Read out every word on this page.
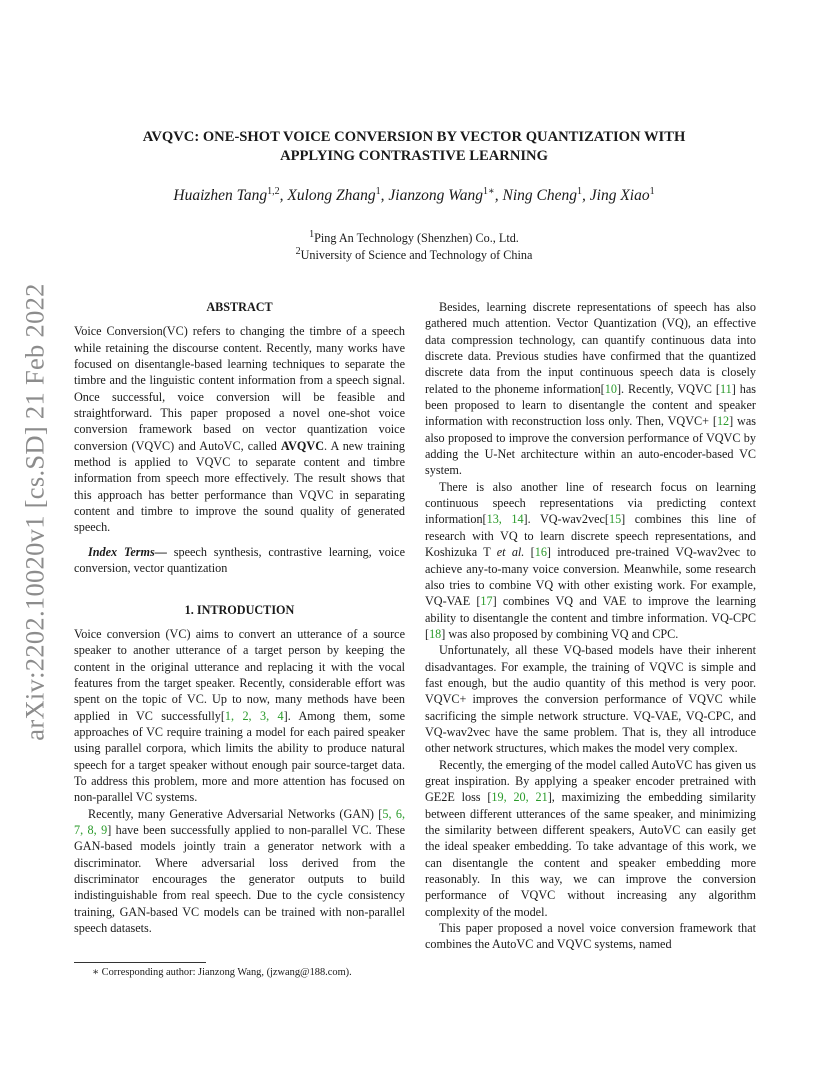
arXiv:2202.10020v1 [cs.SD] 21 Feb 2022
AVQVC: ONE-SHOT VOICE CONVERSION BY VECTOR QUANTIZATION WITH
APPLYING CONTRASTIVE LEARNING

Huaizhen Tang$^{1,2}$, Xulong Zhang$^1$, Jianzong Wang$^{1∗}$, Ning Cheng$^1$, Jing Xiao$^1$

$^1$Ping An Technology (Shenzhen) Co., Ltd.

$^2$University of Science and Technology of China

ABSTRACT

Voice Conversion(VC) refers to changing the timbre of a speech while retaining the discourse content. Recently, many works have focused on disentangle-based learning techniques to separate the timbre and the linguistic content information from a speech signal. Once successful, voice conversion will be feasible and straightforward. This paper proposed a novel one-shot voice conversion framework based on vector quantization voice conversion (VQVC) and AutoVC, called AVQVC. A new training method is applied to VQVC to separate content and timbre information from speech more effectively. The result shows that this approach has better performance than VQVC in separating content and timbre to improve the sound quality of generated speech.

Index Terms— speech synthesis, contrastive learning, voice conversion, vector quantization

1. INTRODUCTION

Voice conversion (VC) aims to convert an utterance of a source speaker to another utterance of a target person by keeping the content in the original utterance and replacing it with the vocal features from the target speaker. Recently, considerable effort was spent on the topic of VC. Up to now, many methods have been applied in VC successfully[1, 2, 3, 4]. Among them, some approaches of VC require training a model for each paired speaker using parallel corpora, which limits the ability to produce natural speech for a target speaker without enough pair source-target data. To address this problem, more and more attention has focused on non-parallel VC systems.

Recently, many Generative Adversarial Networks (GAN) [5, 6, 7, 8, 9] have been successfully applied to non-parallel VC. These GAN-based models jointly train a generator network with a discriminator. Where adversarial loss derived from the discriminator encourages the generator outputs to build indistinguishable from real speech. Due to the cycle consistency training, GAN-based VC models can be trained with non-parallel speech datasets.

∗ Corresponding author: Jianzong Wang, (jzwang@188.com).

Besides, learning discrete representations of speech has also gathered much attention. Vector Quantization (VQ), an effective data compression technology, can quantify continuous data into discrete data. Previous studies have confirmed that the quantized discrete data from the input continuous speech data is closely related to the phoneme information[10]. Recently, VQVC [11] has been proposed to learn to disentangle the content and speaker information with reconstruction loss only. Then, VQVC+ [12] was also proposed to improve the conversion performance of VQVC by adding the U-Net architecture within an auto-encoder-based VC system.

There is also another line of research focus on learning continuous speech representations via predicting context information[13, 14]. VQ-wav2vec[15] combines this line of research with VQ to learn discrete speech representations, and Koshizuka T et al. [16] introduced pre-trained VQ-wav2vec to achieve any-to-many voice conversion. Meanwhile, some research also tries to combine VQ with other existing work. For example, VQ-VAE [17] combines VQ and VAE to improve the learning ability to disentangle the content and timbre information. VQ-CPC [18] was also proposed by combining VQ and CPC.

Unfortunately, all these VQ-based models have their inherent disadvantages. For example, the training of VQVC is simple and fast enough, but the audio quantity of this method is very poor. VQVC+ improves the conversion performance of VQVC while sacrificing the simple network structure. VQ-VAE, VQ-CPC, and VQ-wav2vec have the same problem. That is, they all introduce other network structures, which makes the model very complex.

Recently, the emerging of the model called AutoVC has given us great inspiration. By applying a speaker encoder pretrained with GE2E loss [19, 20, 21], maximizing the embedding similarity between different utterances of the same speaker, and minimizing the similarity between different speakers, AutoVC can easily get the ideal speaker embedding. To take advantage of this work, we can disentangle the content and speaker embedding more reasonably. In this way, we can improve the conversion performance of VQVC without increasing any algorithm complexity of the model.

This paper proposed a novel voice conversion framework that combines the AutoVC and VQVC systems, named
